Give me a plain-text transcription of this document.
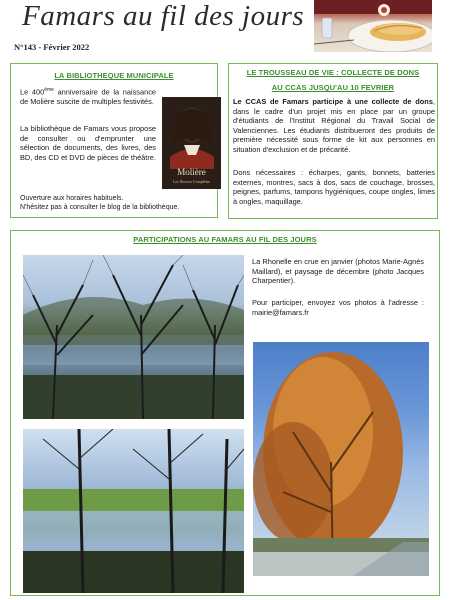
Famars au fil des jours
N°143 - Février 2022
LA BIBLIOTHEQUE MUNICIPALE

Le 400ème anniversaire de la naissance de Molière suscite de multiples festivités.

La bibliothèque de Famars vous propose de consulter ou d'emprunter une sélection de documents, des livres, des BD, des CD et DVD de pièces de théâtre.

Ouverture aux horaires habituels.

N'hésitez pas à consulter le blog de la bibliothèque.

Molière
Les Œuvres Complètes
LE TROUSSEAU DE VIE : COLLECTE DE DONS
AU CCAS JUSQU'AU 10 FEVRIER

Le CCAS de Famars participe à une collecte de dons, dans le cadre d'un projet mis en place par un groupe d'étudiants de l'Institut Régional du Travail Social de Valenciennes. Les étudiants distribueront des produits de première nécessité sous forme de kit aux personnes en situation d'exclusion et de précarité.

Dons nécessaires : écharpes, gants, bonnets, batteries externes, montres, sacs à dos, sacs de couchage, brosses, peignes, parfums, tampons hygiéniques, coupe ongles, limes à ongles, maquillage.

PARTICIPATIONS AU FAMARS AU FIL DES JOURS

La Rhonelle en crue en janvier (photos Marie-Agnès Maillard), et paysage de décembre (photo Jacques Charpentier).

Pour participer, envoyez vos photos à l'adresse : mairie@famars.fr
